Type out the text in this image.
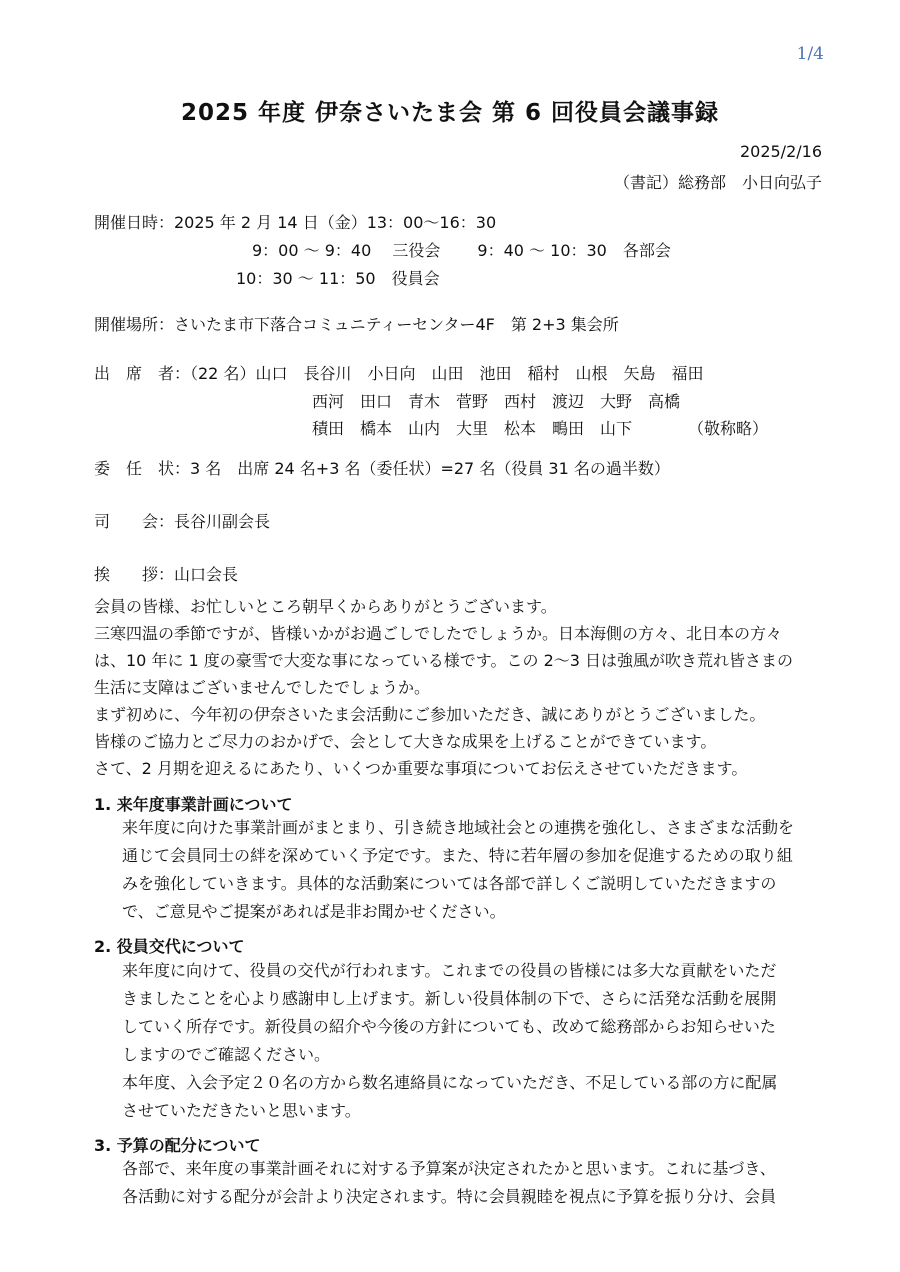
1/4
2025 年度 伊奈さいたま会 第 6 回役員会議事録
2025/2/16
（書記）総務部　小日向弘子
開催日時：2025 年 2 月 14 日（金）13：00〜16：30
9：00 〜 9：40　 三役会　　 9：40 〜 10：30　各部会
10：30 〜 11：50　役員会
開催場所：さいたま市下落合コミュニティーセンター4F　第 2+3 集会所
出　席　者：（22 名）山口　長谷川　小日向　山田　池田　稲村　山根　矢島　福田
西河　田口　青木　菅野　西村　渡辺　大野　高橋
積田　橋本　山内　大里　松本　鴫田　山下　　　　（敬称略）
委　任　状：3 名　出席 24 名+3 名（委任状）=27 名（役員 31 名の過半数）
司　　会：長谷川副会長
挨　　拶：山口会長

会員の皆様、お忙しいところ朝早くからありがとうございます。

三寒四温の季節ですが、皆様いかがお過ごしでしたでしょうか。日本海側の方々、北日本の方々

は、10 年に 1 度の豪雪で大変な事になっている様です。この 2〜3 日は強風が吹き荒れ皆さまの

生活に支障はございませんでしたでしょうか。

まず初めに、今年初の伊奈さいたま会活動にご参加いただき、誠にありがとうございました。

皆様のご協力とご尽力のおかげで、会として大きな成果を上げることができています。

さて、2 月期を迎えるにあたり、いくつか重要な事項についてお伝えさせていただきます。

1. 来年度事業計画について

来年度に向けた事業計画がまとまり、引き続き地域社会との連携を強化し、さまざまな活動を

通じて会員同士の絆を深めていく予定です。また、特に若年層の参加を促進するための取り組

みを強化していきます。具体的な活動案については各部で詳しくご説明していただきますの

で、ご意見やご提案があれば是非お聞かせください。

2. 役員交代について

来年度に向けて、役員の交代が行われます。これまでの役員の皆様には多大な貢献をいただ

きましたことを心より感謝申し上げます。新しい役員体制の下で、さらに活発な活動を展開

していく所存です。新役員の紹介や今後の方針についても、改めて総務部からお知らせいた

しますのでご確認ください。

本年度、入会予定２０名の方から数名連絡員になっていただき、不足している部の方に配属

させていただきたいと思います。

3. 予算の配分について

各部で、来年度の事業計画それに対する予算案が決定されたかと思います。これに基づき、

各活動に対する配分が会計より決定されます。特に会員親睦を視点に予算を振り分け、会員
